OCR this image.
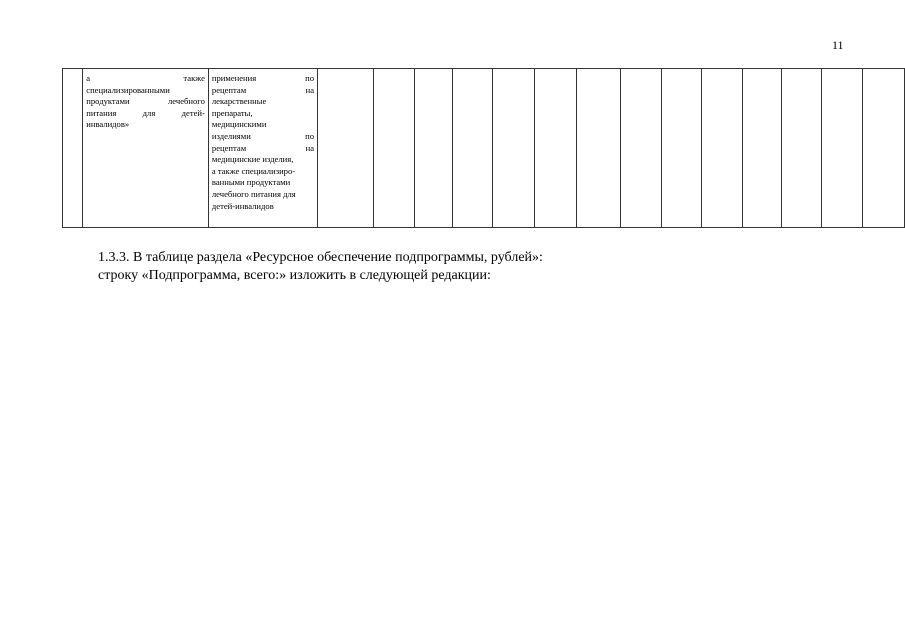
11

а также
специализированными
продуктами лечебного
питания для детей-
инвалидов»

применения по
рецептам на
лекарственные
препараты,
медицинскими
изделиями по
рецептам на
медицинские изделия,
а также специализиро-
ванными продуктами
лечебного питания для
детей-инвалидов

1.3.3. В таблице раздела «Ресурсное обеспечение подпрограммы, рублей»:
строку «Подпрограмма, всего:» изложить в следующей редакции:
